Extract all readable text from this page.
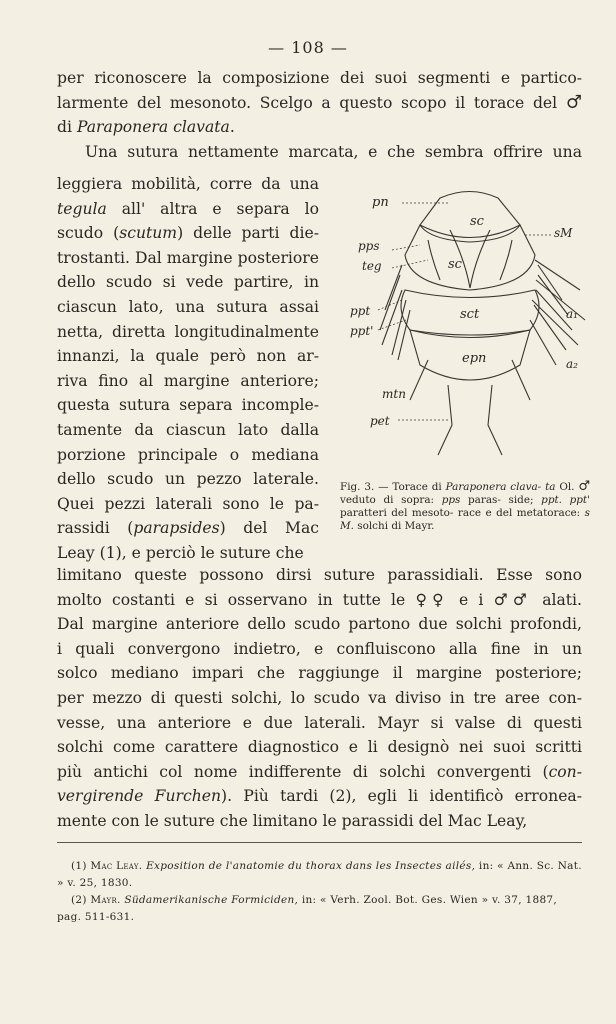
— 108 —

per riconoscere la composizione dei suoi segmenti e partico-

larmente del mesonoto. Scelgo a questo scopo il torace del ♂

di Paraponera clavata.

Una sutura nettamente marcata, e che sembra offrire una

leggiera mobilità, corre da una
tegula all' altra e separa lo
scudo (scutum) delle parti die-
trostanti. Dal margine posteriore
dello scudo si vede partire, in
ciascun lato, una sutura assai
netta, diretta longitudinalmente
innanzi, la quale però non ar-
riva fino al margine anteriore;
questa sutura separa incomple-
tamente da ciascun lato dalla
porzione principale o mediana
dello scudo un pezzo laterale.
Quei pezzi laterali sono le pa-
rassidi (parapsides) del Mac
Leay (1), e perciò le suture che
pn
sc
sM
pps
teg	sc
ppt
ppt'
sct	a₁
epn	a₂
mtn
pet
Fig. 3. — Torace di Paraponera clava- ta Ol. ♂ veduto di sopra: pps paras- side; ppt. ppt' paratteri del mesoto- race e del metatorace: s M. solchi di Mayr.

limitano queste possono dirsi suture parassidiali. Esse sono

molto costanti e si osservano in tutte le ♀♀ e i ♂♂ alati.

Dal margine anteriore dello scudo partono due solchi profondi,

i quali convergono indietro, e confluiscono alla fine in un

solco mediano impari che raggiunge il margine posteriore;

per mezzo di questi solchi, lo scudo va diviso in tre aree con-

vesse, una anteriore e due laterali. Mayr si valse di questi

solchi come carattere diagnostico e li designò nei suoi scritti

più antichi col nome indifferente di solchi convergenti (con-

vergirende Furchen). Più tardi (2), egli li identificò erronea-

mente con le suture che limitano le parassidi del Mac Leay,

(1) Mac Leay. Exposition de l'anatomie du thorax dans les Insectes ailés, in: « Ann. Sc. Nat. » v. 25, 1830.

(2) Mayr. Südamerikanische Formiciden, in: « Verh. Zool. Bot. Ges. Wien » v. 37, 1887, pag. 511-631.
